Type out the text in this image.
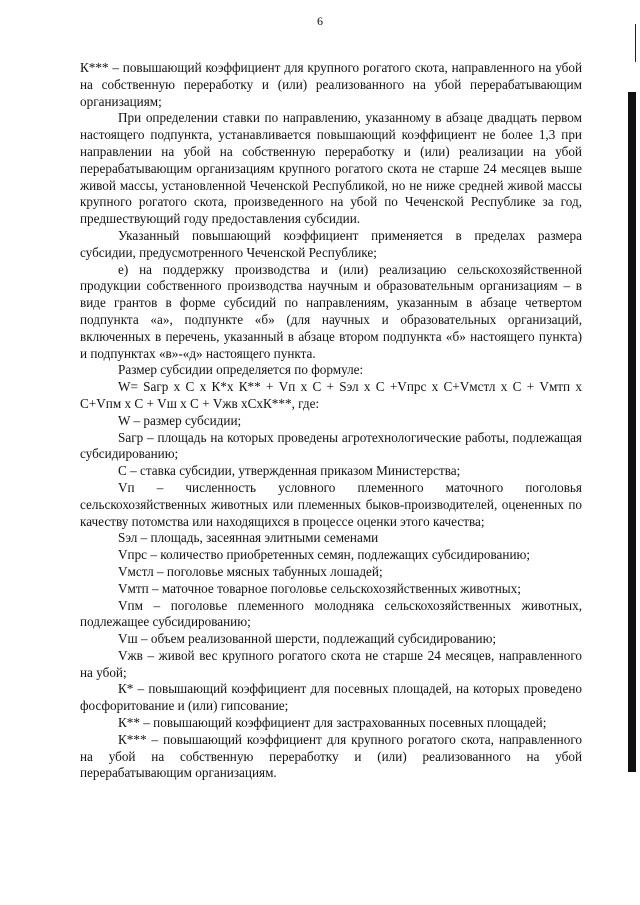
6

К*** – повышающий коэффициент для крупного рогатого скота, направленного на убой на собственную переработку и (или) реализованного на убой перерабатывающим организациям;

При определении ставки по направлению, указанному в абзаце двадцать первом настоящего подпункта, устанавливается повышающий коэффициент не более 1,3 при направлении на убой на собственную переработку и (или) реализации на убой перерабатывающим организациям крупного рогатого скота не старше 24 месяцев выше живой массы, установленной Чеченской Республикой, но не ниже средней живой массы крупного рогатого скота, произведенного на убой по Чеченской Республике за год, предшествующий году предоставления субсидии.

Указанный повышающий коэффициент применяется в пределах размера субсидии, предусмотренного Чеченской Республике;

е) на поддержку производства и (или) реализацию сельскохозяйственной продукции собственного производства научным и образовательным организациям – в виде грантов в форме субсидий по направлениям, указанным в абзаце четвертом подпункта «а», подпункте «б» (для научных и образовательных организаций, включенных в перечень, указанный в абзаце втором подпункта «б» настоящего пункта) и подпунктах «в»-«д» настоящего пункта.

Размер субсидии определяется по формуле:

W= Sагр х С х К*х К** + Vп х С + Sэл х С +Vпрс х С+Vмстл х С + Vмтп х С+Vпм х С + Vш х С + Vжв хСхК***, где:

W – размер субсидии;

Sагр – площадь на которых проведены агротехнологические работы, подлежащая субсидированию;

С – ставка субсидии, утвержденная приказом Министерства;

Vп – численность условного племенного маточного поголовья сельскохозяйственных животных или племенных быков-производителей, оцененных по качеству потомства или находящихся в процессе оценки этого качества;

Sэл – площадь, засеянная элитными семенами

Vпрс – количество приобретенных семян, подлежащих субсидированию;

Vмстл – поголовье мясных табунных лошадей;

Vмтп – маточное товарное поголовье сельскохозяйственных животных;

Vпм – поголовье племенного молодняка сельскохозяйственных животных, подлежащее субсидированию;

Vш – объем реализованной шерсти, подлежащий субсидированию;

Vжв – живой вес крупного рогатого скота не старше 24 месяцев, направленного на убой;

К* – повышающий коэффициент для посевных площадей, на которых проведено фосфоритование и (или) гипсование;

К** – повышающий коэффициент для застрахованных посевных площадей;

К*** – повышающий коэффициент для крупного рогатого скота, направленного на убой на собственную переработку и (или) реализованного на убой перерабатывающим организациям.
